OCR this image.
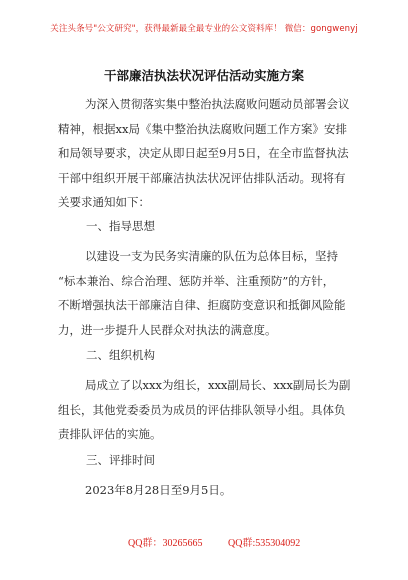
关注头条号"公文研究"，获得最新最全最专业的公文资料库！ 微信：gongwenyj
干部廉洁执法状况评估活动实施方案

为深入贯彻落实集中整治执法腐败问题动员部署会议
精神，根据xx局《集中整治执法腐败问题工作方案》安排
和局领导要求，决定从即日起至9月5日，在全市监督执法
干部中组织开展干部廉洁执法状况评估排队活动。现将有
关要求通知如下：

一、指导思想

以建设一支为民务实清廉的队伍为总体目标，坚持
“标本兼治、综合治理、惩防并举、注重预防”的方针，
不断增强执法干部廉洁自律、拒腐防变意识和抵御风险能
力，进一步提升人民群众对执法的满意度。

二、组织机构

局成立了以xxx为组长，xxx副局长、xxx副局长为副
组长，其他党委委员为成员的评估排队领导小组。具体负
责排队评估的实施。

三、评排时间

2023年8月28日至9月5日。

QQ群：30265665	QQ群:535304092
